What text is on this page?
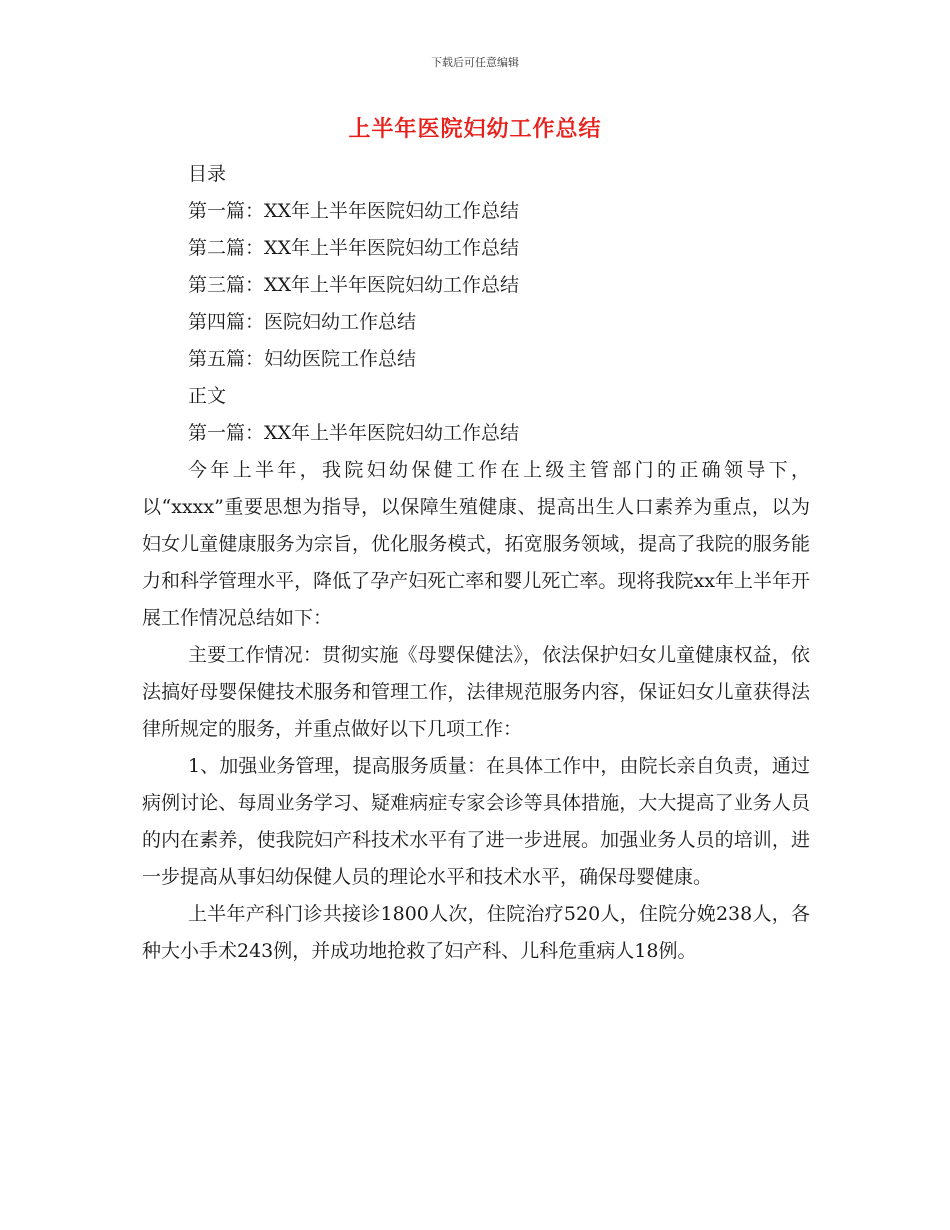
下载后可任意编辑
上半年医院妇幼工作总结
目录
第一篇：XX年上半年医院妇幼工作总结
第二篇：XX年上半年医院妇幼工作总结
第三篇：XX年上半年医院妇幼工作总结
第四篇：医院妇幼工作总结
第五篇：妇幼医院工作总结
正文
第一篇：XX年上半年医院妇幼工作总结

今年上半年，我院妇幼保健工作在上级主管部门的正确领导下，以“xxxx”重要思想为指导，以保障生殖健康、提高出生人口素养为重点，以为妇女儿童健康服务为宗旨，优化服务模式，拓宽服务领域，提高了我院的服务能力和科学管理水平，降低了孕产妇死亡率和婴儿死亡率。现将我院xx年上半年开展工作情况总结如下：

主要工作情况：贯彻实施《母婴保健法》，依法保护妇女儿童健康权益，依法搞好母婴保健技术服务和管理工作，法律规范服务内容，保证妇女儿童获得法律所规定的服务，并重点做好以下几项工作：

1、加强业务管理，提高服务质量：在具体工作中，由院长亲自负责，通过病例讨论、每周业务学习、疑难病症专家会诊等具体措施，大大提高了业务人员的内在素养，使我院妇产科技术水平有了进一步进展。加强业务人员的培训，进一步提高从事妇幼保健人员的理论水平和技术水平，确保母婴健康。

上半年产科门诊共接诊1800人次，住院治疗520人，住院分娩238人，各种大小手术243例，并成功地抢救了妇产科、儿科危重病人18例。
